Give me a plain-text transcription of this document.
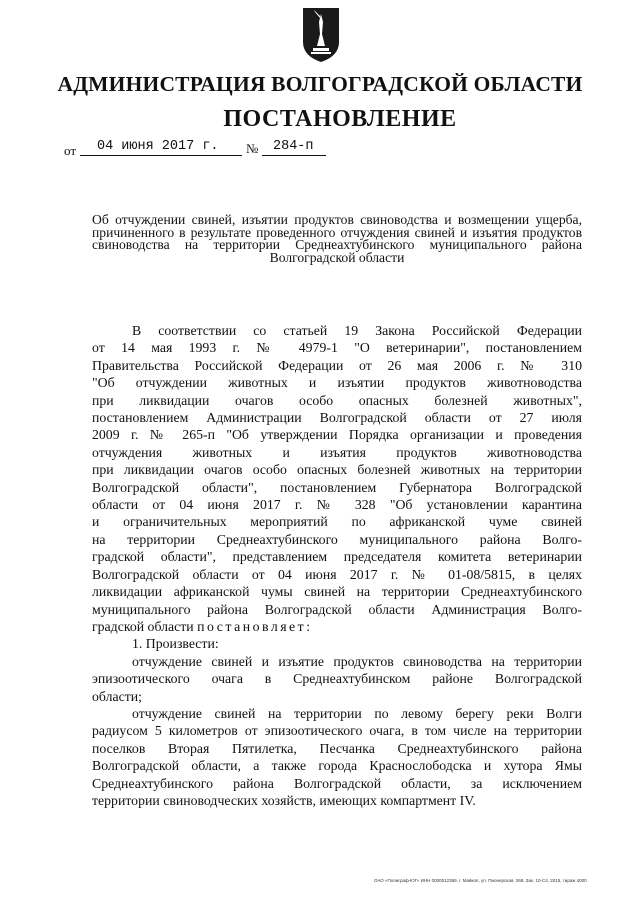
АДМИНИСТРАЦИЯ ВОЛГОГРАДСКОЙ ОБЛАСТИ
ПОСТАНОВЛЕНИЕ
от 04 июня 2017 г. № 284-п
Об отчуждении свиней, изъятии продуктов свиноводства и возмещении ущерба, причиненного в результате проведенного отчуждения свиней и изъятия продуктов свиноводства на территории Среднеахтубинского муниципального района Волгоградской области
В соответствии со статьей 19 Закона Российской Федерации
от 14 мая 1993 г. № 4979-1 "О ветеринарии", постановлением
Правительства Российской Федерации от 26 мая 2006 г. № 310
"Об отчуждении животных и изъятии продуктов животноводства
при ликвидации очагов особо опасных болезней животных",
постановлением Администрации Волгоградской области от 27 июля
2009 г. № 265-п "Об утверждении Порядка организации и проведения
отчуждения животных и изъятия продуктов животноводства
при ликвидации очагов особо опасных болезней животных на территории
Волгоградской области", постановлением Губернатора Волгоградской
области от 04 июня 2017 г. № 328 "Об установлении карантина
и ограничительных мероприятий по африканской чуме свиней
на территории Среднеахтубинского муниципального района Волго-
градской области", представлением председателя комитета ветеринарии
Волгоградской области от 04 июня 2017 г. № 01-08/5815, в целях
ликвидации африканской чумы свиней на территории Среднеахтубинского
муниципального района Волгоградской области Администрация Волго-
градской области постановляет:
1. Произвести:
отчуждение свиней и изъятие продуктов свиноводства на территории
эпизоотического очага в Среднеахтубинском районе Волгоградской
области;
отчуждение свиней на территории по левому берегу реки Волги
радиусом 5 километров от эпизоотического очага, в том числе на территории
поселков Вторая Пятилетка, Песчанка Среднеахтубинского района
Волгоградской области, а также города Краснослободска и хутора Ямы
Среднеахтубинского района Волгоградской области, за исключением
территории свиноводческих хозяйств, имеющих компартмент IV.
ОАО «Полиграф-ЮГ» ИНН 0000012369, г. Майкоп, ул. Пионерская, 268. Зак. 10-С4, 2015, тираж 4000
